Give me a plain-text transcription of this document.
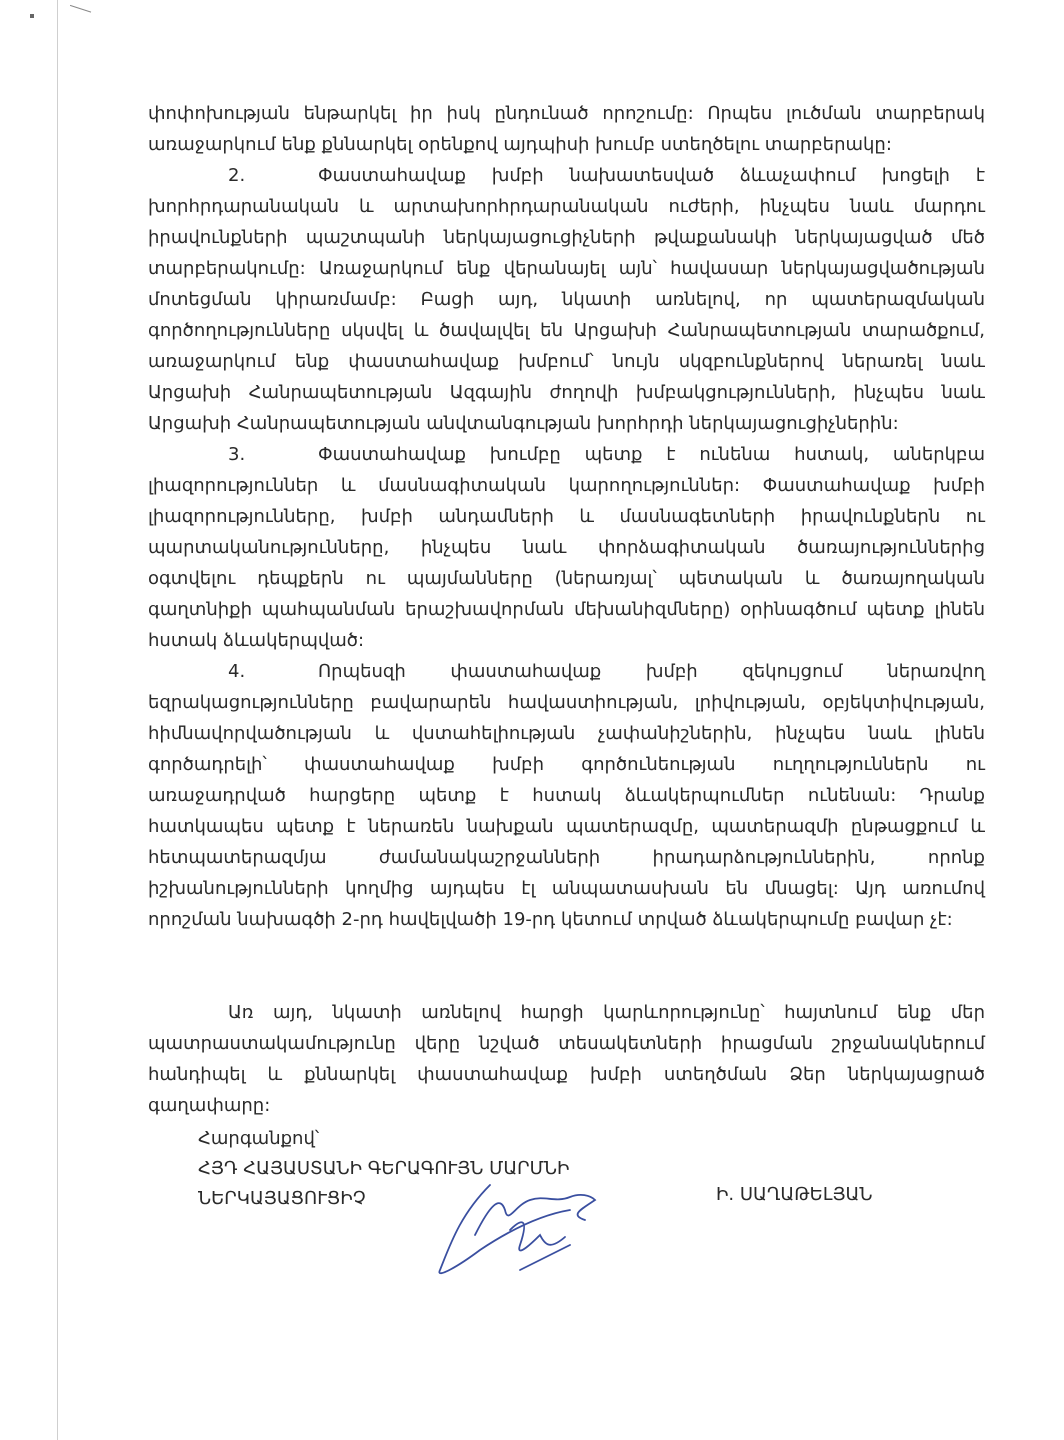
փոփոխության ենթարկել իր իսկ ընդունած որոշումը: Որպես լուծման տարբերակ
առաջարկում ենք քննարկել օրենքով այդպիսի խումբ ստեղծելու տարբերակը:
2.	Փաստահավաք խմբի նախատեսված ձևաչափում խոցելի է
խորհրդարանական և արտախորհրդարանական ուժերի, ինչպես նաև մարդու
իրավունքների պաշտպանի ներկայացուցիչների թվաքանակի ներկայացված մեծ
տարբերակումը: Առաջարկում ենք վերանայել այն՝ հավասար ներկայացվածության
մոտեցման կիրառմամբ: Բացի այդ, նկատի առնելով, որ պատերազմական
գործողությունները սկսվել և ծավալվել են Արցախի Հանրապետության տարածքում,
առաջարկում ենք փաստահավաք խմբում՝ նույն սկզբունքներով ներառել նաև
Արցախի Հանրապետության Ազգային ժողովի խմբակցությունների, ինչպես նաև
Արցախի Հանրապետության անվտանգության խորհրդի ներկայացուցիչներին:
3.	Փաստահավաք խումբը պետք է ունենա հստակ, աներկբա
լիազորություններ և մասնագիտական կարողություններ: Փաստահավաք խմբի
լիազորությունները, խմբի անդամների և մասնագետների իրավունքներն ու
պարտականությունները, ինչպես նաև փորձագիտական ծառայություններից
օգտվելու դեպքերն ու պայմանները (ներառյալ՝ պետական և ծառայողական
գաղտնիքի պահպանման երաշխավորման մեխանիզմները) օրինագծում պետք լինեն
հստակ ձևակերպված:
4.	Որպեսզի փաստահավաք խմբի զեկույցում ներառվող
եզրակացությունները բավարարեն հավաստիության, լրիվության, օբյեկտիվության,
հիմնավորվածության և վստահելիության չափանիշներին, ինչպես նաև լինեն
գործադրելի՝ փաստահավաք խմբի գործունեության ուղղություններն ու
առաջադրված հարցերը պետք է հստակ ձևակերպումներ ունենան: Դրանք
հատկապես պետք է ներառեն նախքան պատերազմը, պատերազմի ընթացքում և
հետպատերազմյա ժամանակաշրջանների իրադարձություններին, որոնք
իշխանությունների կողմից այդպես էլ անպատասխան են մնացել: Այդ առումով
որոշման նախագծի 2-րդ հավելվածի 19-րդ կետում տրված ձևակերպումը բավար չէ:
Առ այդ, նկատի առնելով հարցի կարևորությունը՝ հայտնում ենք մեր
պատրաստակամությունը վերը նշված տեսակետների իրացման շրջանակներում
հանդիպել և քննարկել փաստահավաք խմբի ստեղծման Ձեր ներկայացրած
գաղափարը:
Հարգանքով՝
ՀՅԴ ՀԱՅԱՍՏԱՆԻ ԳԵՐԱԳՈՒՅՆ ՄԱՐՄՆԻ
ՆԵՐԿԱՅԱՑՈՒՑԻՉ	Ի. ՍԱՂԱԹԵԼՅԱՆ
